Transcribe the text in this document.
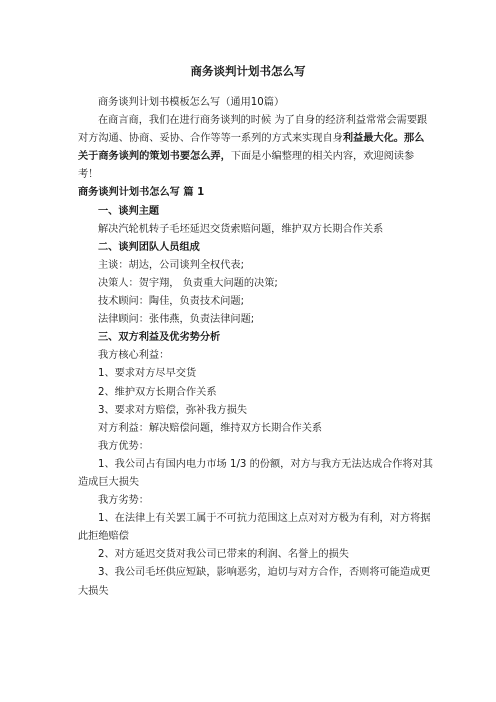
商务谈判计划书怎么写

商务谈判计划书模板怎么写（通用10篇）

在商言商，我们在进行商务谈判的时候 为了自身的经济利益常常会需要跟对方沟通、协商、妥协、合作等等一系列的方式来实现自身利益最大化。那么关于商务谈判的策划书要怎么弄，下面是小编整理的相关内容，欢迎阅读参考！

商务谈判计划书怎么写 篇 1

一、谈判主题

解决汽轮机转子毛坯延迟交货索赔问题，维护双方长期合作关系

二、谈判团队人员组成

主谈：胡达，公司谈判全权代表;

决策人：贺宇翔， 负责重大问题的决策;

技术顾问：陶佳，负责技术问题;

法律顾问：张伟燕，负责法律问题;

三、双方利益及优劣势分析

我方核心利益：

1、要求对方尽早交货

2、维护双方长期合作关系

3、要求对方赔偿，弥补我方损失

对方利益：解决赔偿问题，维持双方长期合作关系

我方优势：

1、我公司占有国内电力市场 1/3 的份额，对方与我方无法达成合作将对其造成巨大损失

我方劣势：

1、在法律上有关罢工属于不可抗力范围这上点对对方极为有利，对方将据此拒绝赔偿

2、对方延迟交货对我公司已带来的利润、名誉上的损失

3、我公司毛坯供应短缺，影响恶劣，迫切与对方合作，否则将可能造成更大损失
